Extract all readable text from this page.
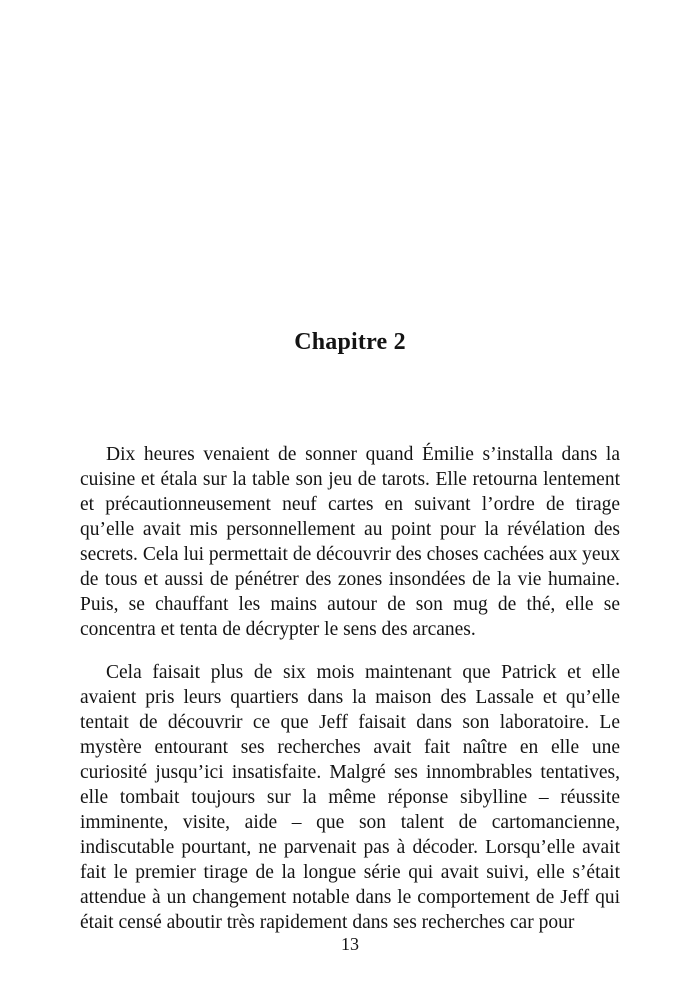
Chapitre 2

Dix heures venaient de sonner quand Émilie s’installa dans la cuisine et étala sur la table son jeu de tarots. Elle retourna lentement et précautionneusement neuf cartes en suivant l’ordre de tirage qu’elle avait mis personnellement au point pour la révélation des secrets. Cela lui permettait de découvrir des choses cachées aux yeux de tous et aussi de pénétrer des zones insondées de la vie humaine. Puis, se chauffant les mains autour de son mug de thé, elle se concentra et tenta de décrypter le sens des arcanes.

Cela faisait plus de six mois maintenant que Patrick et elle avaient pris leurs quartiers dans la maison des Lassale et qu’elle tentait de découvrir ce que Jeff faisait dans son laboratoire. Le mystère entourant ses recherches avait fait naître en elle une curiosité jusqu’ici insatisfaite. Malgré ses innombrables tentatives, elle tombait toujours sur la même réponse sibylline – réussite imminente, visite, aide – que son talent de cartomancienne, indiscutable pourtant, ne parvenait pas à décoder. Lorsqu’elle avait fait le premier tirage de la longue série qui avait suivi, elle s’était attendue à un changement notable dans le comportement de Jeff qui était censé aboutir très rapidement dans ses recherches car pour

13
